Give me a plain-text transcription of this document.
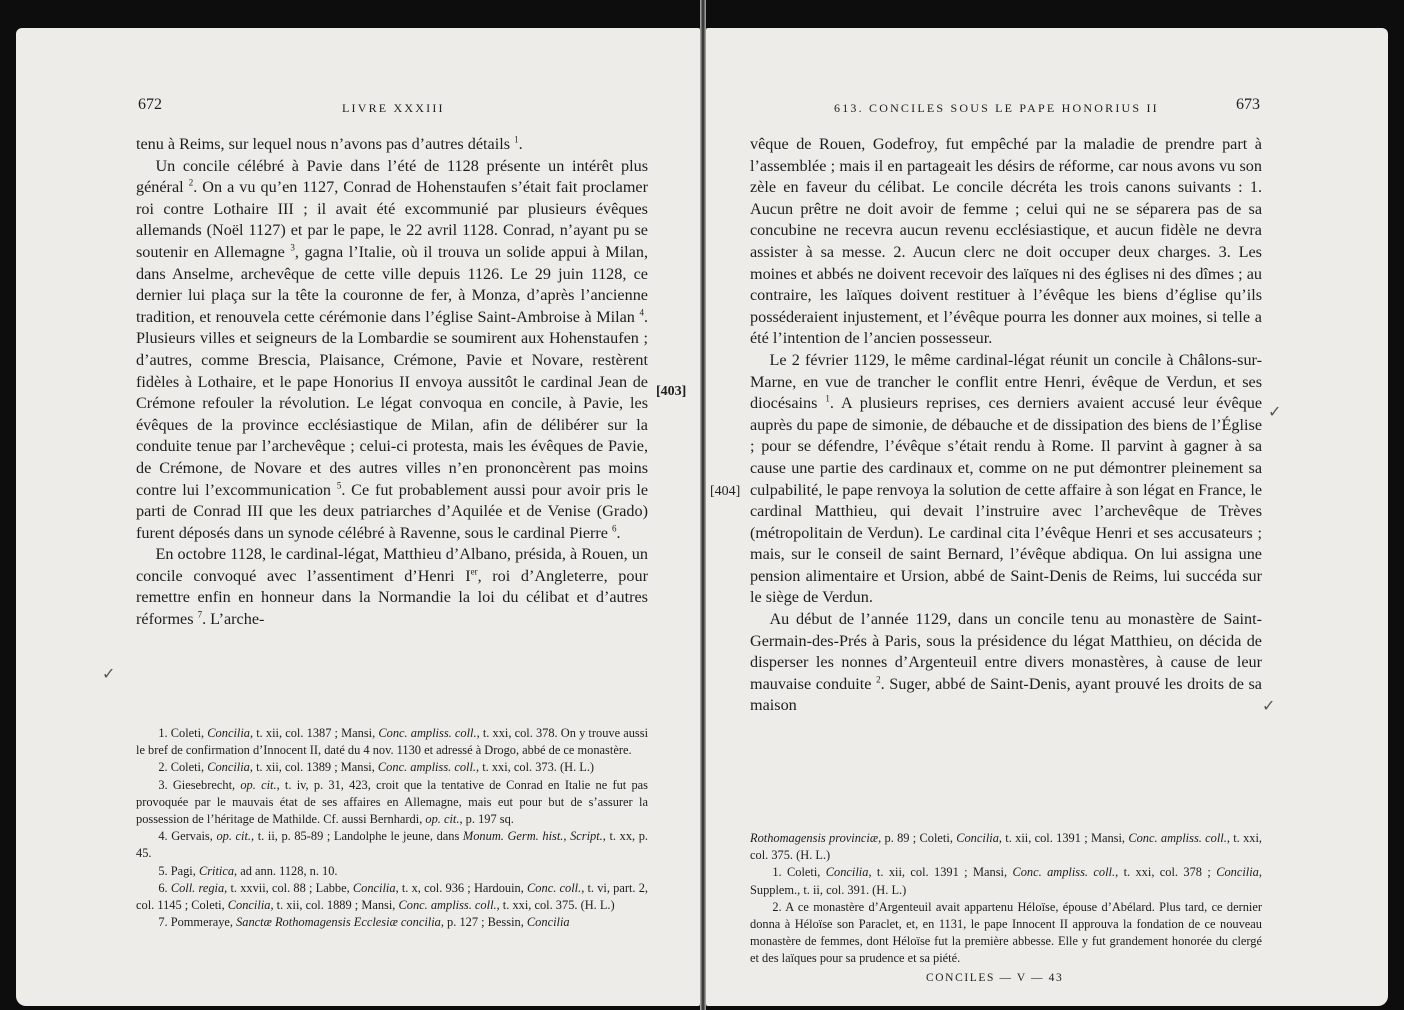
672	LIVRE XXXIII

tenu à Reims, sur lequel nous n’avons pas d’autres détails $^1$.

Un concile célébré à Pavie dans l’été de 1128 présente un intérêt plus général $^2$. On a vu qu’en 1127, Conrad de Hohenstaufen s’était fait proclamer roi contre Lothaire III ; il avait été excommunié par plusieurs évêques allemands (Noël 1127) et par le pape, le 22 avril 1128. Conrad, n’ayant pu se soutenir en Allemagne $^3$, gagna l’Italie, où il trouva un solide appui à Milan, dans Anselme, archevêque de cette ville depuis 1126. Le 29 juin 1128, ce dernier lui plaça sur la tête la couronne de fer, à Monza, d’après l’ancienne tradition, et renouvela cette cérémonie dans l’église Saint-Ambroise à Milan $^4$. Plusieurs villes et seigneurs de la Lombardie se soumirent aux Hohenstaufen ; d’autres, comme Brescia, Plaisance, Crémone, Pavie et Novare, restèrent fidèles à Lothaire, et le pape Honorius II envoya aussitôt le cardinal Jean de Crémone refouler la révolution. Le légat convoqua en concile, à Pavie, les évêques de la province ecclésiastique de Milan, afin de délibérer sur la conduite tenue par l’archevêque ; celui-ci protesta, mais les évêques de Pavie, de Crémone, de Novare et des autres villes n’en prononcèrent pas moins contre lui l’excommunication $^5$. Ce fut probablement aussi pour avoir pris le parti de Conrad III que les deux patriarches d’Aquilée et de Venise (Grado) furent déposés dans un synode célébré à Ravenne, sous le cardinal Pierre $^6$.

En octobre 1128, le cardinal-légat, Matthieu d’Albano, présida, à Rouen, un concile convoqué avec l’assentiment d’Henri Ier, roi d’Angleterre, pour remettre enfin en honneur dans la Normandie la loi du célibat et d’autres réformes $^7$. L’arche-

[403]
✓

1. Coleti, Concilia, t. xii, col. 1387 ; Mansi, Conc. ampliss. coll., t. xxi, col. 378. On y trouve aussi le bref de confirmation d’Innocent II, daté du 4 nov. 1130 et adressé à Drogo, abbé de ce monastère.

2. Coleti, Concilia, t. xii, col. 1389 ; Mansi, Conc. ampliss. coll., t. xxi, col. 373. (H. L.)

3. Giesebrecht, op. cit., t. iv, p. 31, 423, croit que la tentative de Conrad en Italie ne fut pas provoquée par le mauvais état de ses affaires en Allemagne, mais eut pour but de s’assurer la possession de l’héritage de Mathilde. Cf. aussi Bernhardi, op. cit., p. 197 sq.

4. Gervais, op. cit., t. ii, p. 85-89 ; Landolphe le jeune, dans Monum. Germ. hist., Script., t. xx, p. 45.

5. Pagi, Critica, ad ann. 1128, n. 10.

6. Coll. regia, t. xxvii, col. 88 ; Labbe, Concilia, t. x, col. 936 ; Hardouin, Conc. coll., t. vi, part. 2, col. 1145 ; Coleti, Concilia, t. xii, col. 1889 ; Mansi, Conc. ampliss. coll., t. xxi, col. 375. (H. L.)

7. Pommeraye, Sanctæ Rothomagensis Ecclesiæ concilia, p. 127 ; Bessin, Concilia

613. CONCILES SOUS LE PAPE HONORIUS II	673

vêque de Rouen, Godefroy, fut empêché par la maladie de prendre part à l’assemblée ; mais il en partageait les désirs de réforme, car nous avons vu son zèle en faveur du célibat. Le concile décréta les trois canons suivants : 1. Aucun prêtre ne doit avoir de femme ; celui qui ne se séparera pas de sa concubine ne recevra aucun revenu ecclésiastique, et aucun fidèle ne devra assister à sa messe. 2. Aucun clerc ne doit occuper deux charges. 3. Les moines et abbés ne doivent recevoir des laïques ni des églises ni des dîmes ; au contraire, les laïques doivent restituer à l’évêque les biens d’église qu’ils posséderaient injustement, et l’évêque pourra les donner aux moines, si telle a été l’intention de l’ancien possesseur.

Le 2 février 1129, le même cardinal-légat réunit un concile à Châlons-sur-Marne, en vue de trancher le conflit entre Henri, évêque de Verdun, et ses diocésains $^1$. A plusieurs reprises, ces derniers avaient accusé leur évêque auprès du pape de simonie, de débauche et de dissipation des biens de l’Église ; pour se défendre, l’évêque s’était rendu à Rome. Il parvint à gagner à sa cause une partie des cardinaux et, comme on ne put démontrer pleinement sa culpabilité, le pape renvoya la solution de cette affaire à son légat en France, le cardinal Matthieu, qui devait l’instruire avec l’archevêque de Trèves (métropolitain de Verdun). Le cardinal cita l’évêque Henri et ses accusateurs ; mais, sur le conseil de saint Bernard, l’évêque abdiqua. On lui assigna une pension alimentaire et Ursion, abbé de Saint-Denis de Reims, lui succéda sur le siège de Verdun.

Au début de l’année 1129, dans un concile tenu au monastère de Saint-Germain-des-Prés à Paris, sous la présidence du légat Matthieu, on décida de disperser les nonnes d’Argenteuil entre divers monastères, à cause de leur mauvaise conduite $^2$. Suger, abbé de Saint-Denis, ayant prouvé les droits de sa maison

[404]
✓
✓

Rothomagensis provinciæ, p. 89 ; Coleti, Concilia, t. xii, col. 1391 ; Mansi, Conc. ampliss. coll., t. xxi, col. 375. (H. L.)

1. Coleti, Concilia, t. xii, col. 1391 ; Mansi, Conc. ampliss. coll., t. xxi, col. 378 ; Concilia, Supplem., t. ii, col. 391. (H. L.)

2. A ce monastère d’Argenteuil avait appartenu Héloïse, épouse d’Abélard. Plus tard, ce dernier donna à Héloïse son Paraclet, et, en 1131, le pape Innocent II approuva la fondation de ce nouveau monastère de femmes, dont Héloïse fut la première abbesse. Elle y fut grandement honorée du clergé et des laïques pour sa prudence et sa piété.

CONCILES — V — 43
